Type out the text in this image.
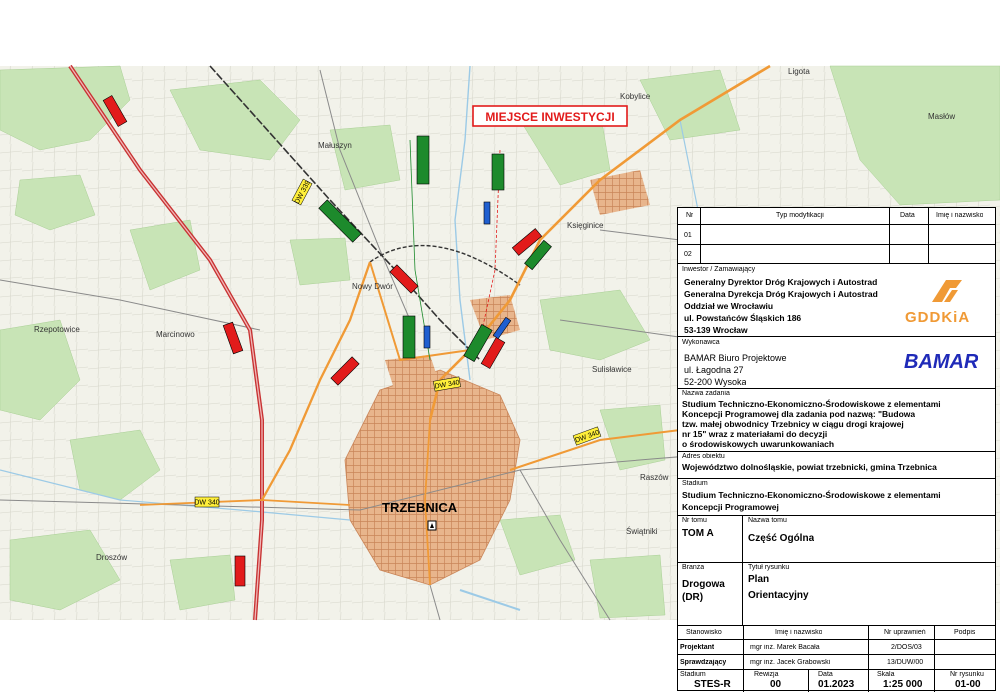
MIEJSCE INWESTYCJI
DW 339
DW 340
DW 340
DW 340
Ligota
Kobylice
Masłów
Małuszyn
Księginice
Nowy Dwór
Rzepotowice
Marcinowo
Sulisławice
Droszów
Świątniki
Raszów
TRZEBNICA
Nr	Typ modyfikacji	Data	Imię i nazwisko
01
02
Inwestor / Zamawiający
Generalny Dyrektor Dróg Krajowych i Autostrad
Generalna Dyrekcja Dróg Krajowych i Autostrad
Oddział we Wrocławiu
ul. Powstańców Śląskich 186
53-139 Wrocław
GDDKiA
Wykonawca
BAMAR Biuro Projektowe
ul. Łagodna 27
52-200 Wysoka
BAMAR
Nazwa zadania
Studium Techniczno-Ekonomiczno-Środowiskowe z elementami
Koncepcji Programowej dla zadania pod nazwą: "Budowa
tzw. małej obwodnicy Trzebnicy w ciągu drogi krajowej
nr 15" wraz z materiałami do decyzji
o środowiskowych uwarunkowaniach
Adres obiektu
Województwo dolnośląskie, powiat trzebnicki, gmina Trzebnica
Stadium
Studium Techniczno-Ekonomiczno-Środowiskowe z elementami
Koncepcji Programowej
Nr tomu
TOM A
Nazwa tomu
Część Ogólna
Branża
Drogowa
(DR)
Tytuł rysunku
Plan
Orientacyjny
Stanowisko	Imię i nazwisko	Nr uprawnień	Podpis
Projektant	mgr inż. Marek Bacała	2/DOŚ/03
Sprawdzający	mgr inż. Jacek Grabowski	13/DUW/00
Stadium	Rewizja	Data	Skala	Nr rysunku
STEŚ-R	00	01.2023	1:25 000	01-00
